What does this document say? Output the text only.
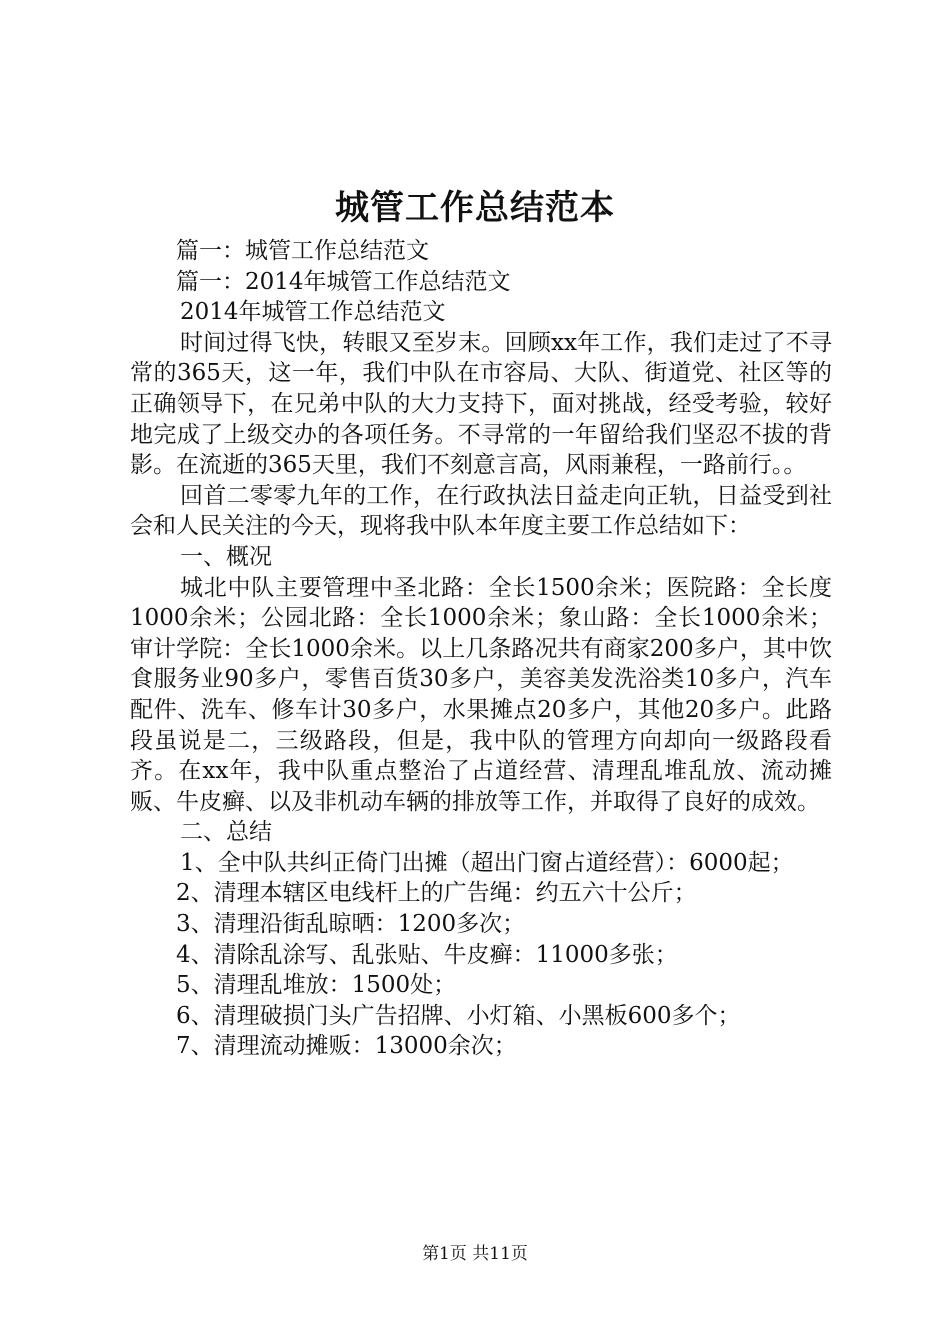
城管工作总结范本

篇一：城管工作总结范文

篇一：2014年城管工作总结范文

2014年城管工作总结范文

时间过得飞快，转眼又至岁末。回顾xx年工作，我们走过了不寻常的365天，这一年，我们中队在市容局、大队、街道党、社区等的正确领导下，在兄弟中队的大力支持下，面对挑战，经受考验，较好地完成了上级交办的各项任务。不寻常的一年留给我们坚忍不拔的背影。在流逝的365天里，我们不刻意言高，风雨兼程，一路前行。。

回首二零零九年的工作，在行政执法日益走向正轨，日益受到社会和人民关注的今天，现将我中队本年度主要工作总结如下：

一、概况

城北中队主要管理中圣北路：全长1500余米；医院路：全长度1000余米；公园北路：全长1000余米；象山路：全长1000余米；审计学院：全长1000余米。以上几条路况共有商家200多户，其中饮食服务业90多户，零售百货30多户，美容美发洗浴类10多户，汽车配件、洗车、修车计30多户，水果摊点20多户，其他20多户。此路段虽说是二，三级路段，但是，我中队的管理方向却向一级路段看齐。在xx年，我中队重点整治了占道经营、清理乱堆乱放、流动摊贩、牛皮癣、以及非机动车辆的排放等工作，并取得了良好的成效。

二、总结

1、全中队共纠正倚门出摊（超出门窗占道经营）：6000起；

2、清理本辖区电线杆上的广告绳：约五六十公斤；

3、清理沿街乱晾晒：1200多次；

4、清除乱涂写、乱张贴、牛皮癣：11000多张；

5、清理乱堆放：1500处；

6、清理破损门头广告招牌、小灯箱、小黑板600多个；

7、清理流动摊贩：13000余次；

第1页 共11页
